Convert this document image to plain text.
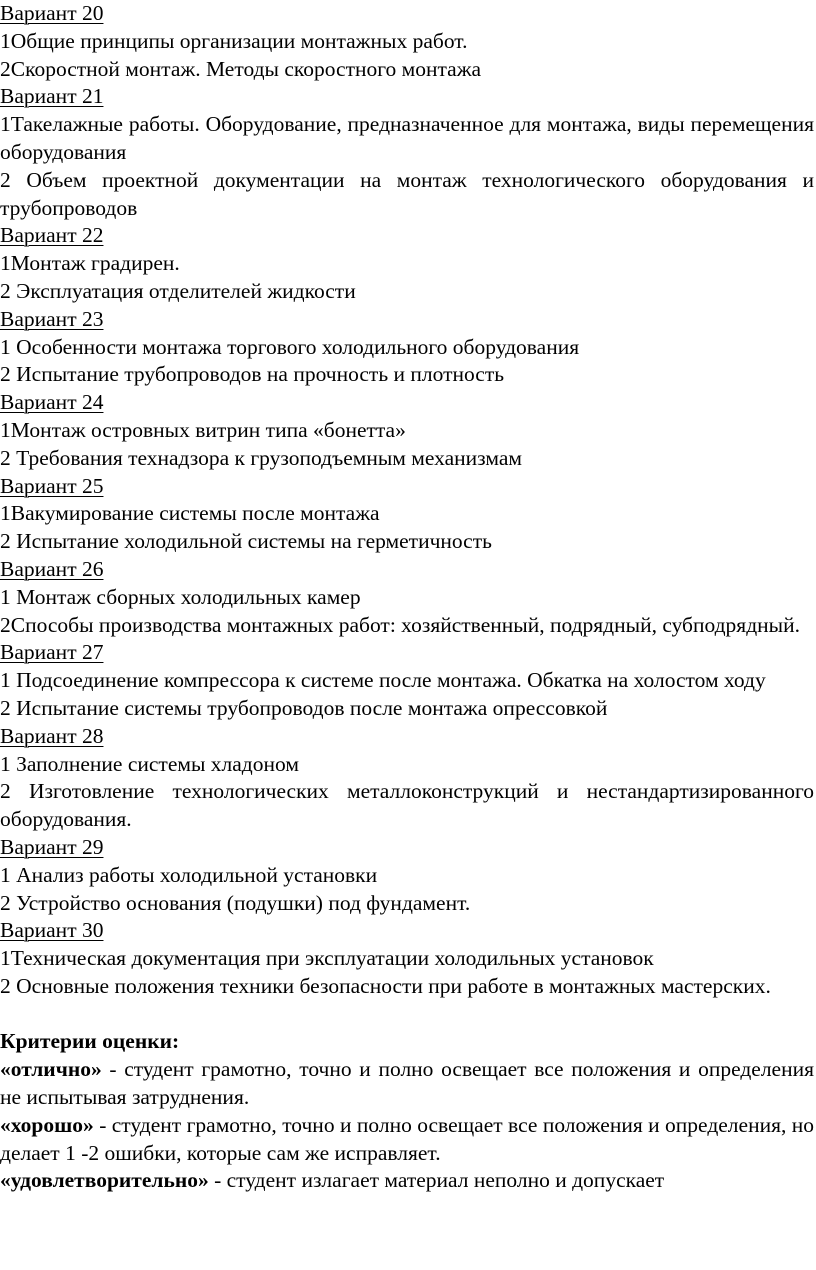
Вариант 20
1Общие принципы организации монтажных работ.
2Скоростной монтаж. Методы скоростного монтажа
Вариант 21
1Такелажные работы. Оборудование, предназначенное для монтажа, виды перемещения оборудования
2 Объем проектной документации на монтаж технологического оборудования и трубопроводов
Вариант 22
1Монтаж градирен.
2 Эксплуатация отделителей жидкости
Вариант 23
1 Особенности монтажа торгового холодильного оборудования
2 Испытание трубопроводов на прочность и плотность
Вариант 24
1Монтаж островных витрин типа «бонетта»
2 Требования технадзора к грузоподъемным механизмам
Вариант 25
1Вакумирование системы после монтажа
2 Испытание холодильной системы на герметичность
Вариант 26
1 Монтаж сборных холодильных камер
2Способы производства монтажных работ: хозяйственный, подрядный, субподрядный.
Вариант 27
1 Подсоединение компрессора к системе после монтажа. Обкатка на холостом ходу
2 Испытание системы трубопроводов после монтажа опрессовкой
Вариант 28
1 Заполнение системы хладоном
2 Изготовление технологических металлоконструкций и нестандартизированного оборудования.
Вариант 29
1 Анализ работы холодильной установки
2 Устройство основания (подушки) под фундамент.
Вариант 30
1Техническая документация при эксплуатации холодильных установок
2 Основные положения техники безопасности при работе в монтажных мастерских.
Критерии оценки:
«отлично» - студент грамотно, точно и полно освещает все положения и определения не испытывая затруднения.
«хорошо» - студент грамотно, точно и полно освещает все положения и определения, но делает 1 -2 ошибки, которые сам же исправляет.
«удовлетворительно» - студент излагает материал неполно и допускает
